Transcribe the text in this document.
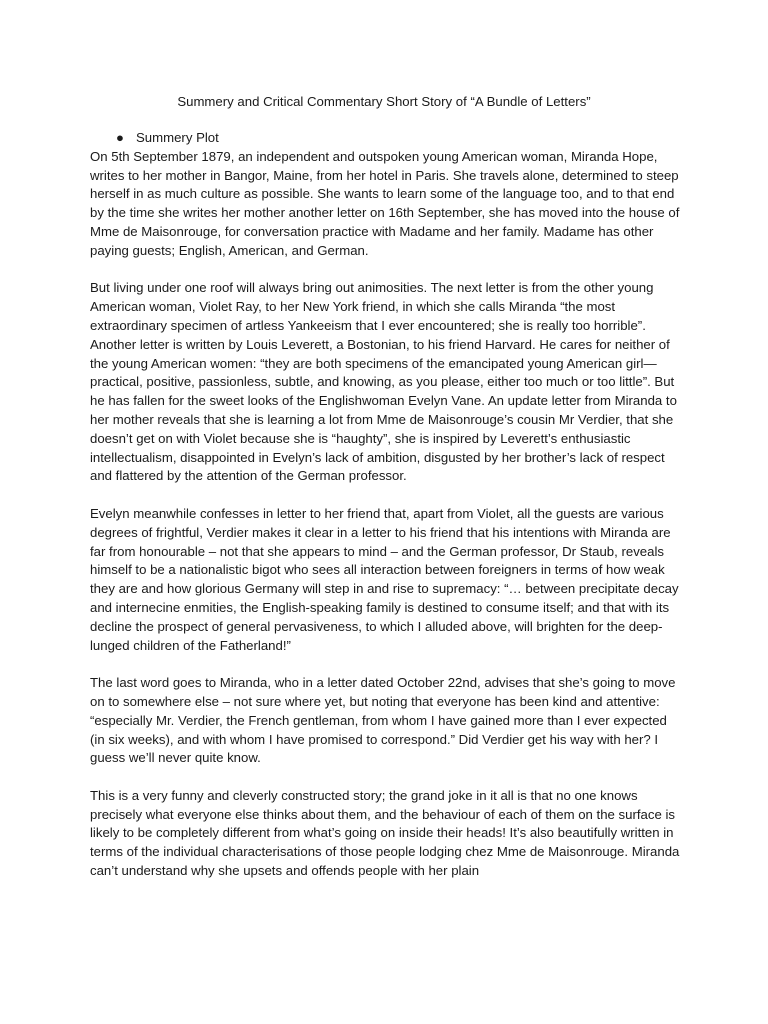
Summery and Critical Commentary Short Story of “A Bundle of Letters”

● Summery Plot

On 5th September 1879, an independent and outspoken young American woman, Miranda Hope, writes to her mother in Bangor, Maine, from her hotel in Paris. She travels alone, determined to steep herself in as much culture as possible. She wants to learn some of the language too, and to that end by the time she writes her mother another letter on 16th September, she has moved into the house of Mme de Maisonrouge, for conversation practice with Madame and her family. Madame has other paying guests; English, American, and German.

But living under one roof will always bring out animosities. The next letter is from the other young American woman, Violet Ray, to her New York friend, in which she calls Miranda “the most extraordinary specimen of artless Yankeeism that I ever encountered; she is really too horrible”. Another letter is written by Louis Leverett, a Bostonian, to his friend Harvard. He cares for neither of the young American women: “they are both specimens of the emancipated young American girl—practical, positive, passionless, subtle, and knowing, as you please, either too much or too little”. But he has fallen for the sweet looks of the Englishwoman Evelyn Vane. An update letter from Miranda to her mother reveals that she is learning a lot from Mme de Maisonrouge’s cousin Mr Verdier, that she doesn’t get on with Violet because she is “haughty”, she is inspired by Leverett’s enthusiastic intellectualism, disappointed in Evelyn’s lack of ambition, disgusted by her brother’s lack of respect and flattered by the attention of the German professor.

Evelyn meanwhile confesses in letter to her friend that, apart from Violet, all the guests are various degrees of frightful, Verdier makes it clear in a letter to his friend that his intentions with Miranda are far from honourable – not that she appears to mind – and the German professor, Dr Staub, reveals himself to be a nationalistic bigot who sees all interaction between foreigners in terms of how weak they are and how glorious Germany will step in and rise to supremacy: “… between precipitate decay and internecine enmities, the English-speaking family is destined to consume itself; and that with its decline the prospect of general pervasiveness, to which I alluded above, will brighten for the deep-lunged children of the Fatherland!”

The last word goes to Miranda, who in a letter dated October 22nd, advises that she’s going to move on to somewhere else – not sure where yet, but noting that everyone has been kind and attentive: “especially Mr. Verdier, the French gentleman, from whom I have gained more than I ever expected (in six weeks), and with whom I have promised to correspond.” Did Verdier get his way with her? I guess we’ll never quite know.

This is a very funny and cleverly constructed story; the grand joke in it all is that no one knows precisely what everyone else thinks about them, and the behaviour of each of them on the surface is likely to be completely different from what’s going on inside their heads! It’s also beautifully written in terms of the individual characterisations of those people lodging chez Mme de Maisonrouge. Miranda can’t understand why she upsets and offends people with her plain
